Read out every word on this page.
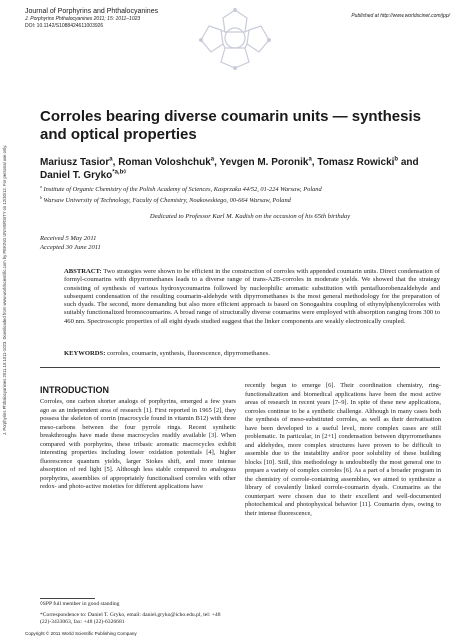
Journal of Porphyrins and Phthalocyanines
J. Porphyrins Phthalocyanines 2011; 15: 1011–1023
DOI: 10.1142/S1088424611003926
Published at http://www.worldscinet.com/jpp/
J. Porphyrins Phthalocyanines 2011.15:1011-1023. Downloaded from www.worldscientific.com by PEKING UNIVERSITY on 12/30/12. For personal use only.
Corroles bearing diverse coumarin units — synthesis and optical properties
Mariusz Tasior$^a$, Roman Voloshchuk$^a$, Yevgen M. Poronik$^a$, Tomasz Rowicki$^b$ and Daniel T. Gryko$^{*a,b◊}$
$^a$ Institute of Organic Chemistry of the Polish Academy of Sciences, Kasprzaka 44/52, 01-224 Warsaw, Poland
$^b$ Warsaw University of Technology, Faculty of Chemistry, Noakowskiego, 00-664 Warsaw, Poland
Dedicated to Professor Karl M. Kadish on the occasion of his 65th birthday
Received 5 May 2011
Accepted 30 June 2011
ABSTRACT: Two strategies were shown to be efficient in the construction of corroles with appended coumarin units. Direct condensation of formyl-coumarins with dipyrromethanes leads to a diverse range of trans-A2B-corroles in moderate yields. We showed that the strategy consisting of synthesis of various hydroxycoumarins followed by nucleophilic aromatic substitution with pentafluorobenzaldehyde and subsequent condensation of the resulting coumarin-aldehyde with dipyrromethanes is the most general methodology for the preparation of such dyads. The second, more demanding but also more efficient approach is based on Sonogashira coupling of ethynylphenylcorroles with suitably functionalized bromocoumarins. A broad range of structurally diverse coumarins were employed with absorption ranging from 300 to 460 nm. Spectroscopic properties of all eight dyads studied suggest that the linker components are weakly electronically coupled.
KEYWORDS: corroles, coumarin, synthesis, fluorescence, dipyrromethanes.
INTRODUCTION
Corroles, one carbon shorter analogs of porphyrins, emerged a few years ago as an independent area of research [1]. First reported in 1965 [2], they possess the skeleton of corrin (macrocycle found in vitamin B12) with three meso-carbons between the four pyrrole rings. Recent synthetic breakthroughs have made these macrocycles readily available [3]. When compared with porphyrins, these tribasic aromatic macrocycles exhibit interesting properties including lower oxidation potentials [4], higher fluorescence quantum yields, larger Stokes shift, and more intense absorption of red light [5]. Although less stable compared to analogous porphyrins, assemblies of appropriately functionalised corroles with other redox- and photo-active moieties for different applications have
recently begun to emerge [6]. Their coordination chemistry, ring-functionalization and biomedical applications have been the most active areas of research in recent years [7–9]. In spite of these new applications, corroles continue to be a synthetic challenge. Although in many cases both the synthesis of meso-substituted corroles, as well as their derivatisation have been developed to a useful level, more complex cases are still problematic. In particular, in [2+1] condensation between dipyrromethanes and aldehydes, more complex structures have proven to be difficult to assemble due to the instability and/or poor solubility of these building blocks [10]. Still, this methodology is undoubtedly the most general one to prepare a variety of complex corroles [6]. As a part of a broader program in the chemistry of corrole-containing assemblies, we aimed to synthesize a library of covalently linked corrole-coumarin dyads. Coumarins as the counterpart were chosen due to their excellent and well-documented photochemical and photophysical behavior [11]. Coumarin dyes, owing to their intense fluorescence,
◊SPP full member in good standing
*Correspondence to: Daniel T. Gryko, email: daniel.gryko@icho.edu.pl, tel: +48 (22)-3433063, fax: +48 (22)-6326681
Copyright © 2011 World Scientific Publishing Company
